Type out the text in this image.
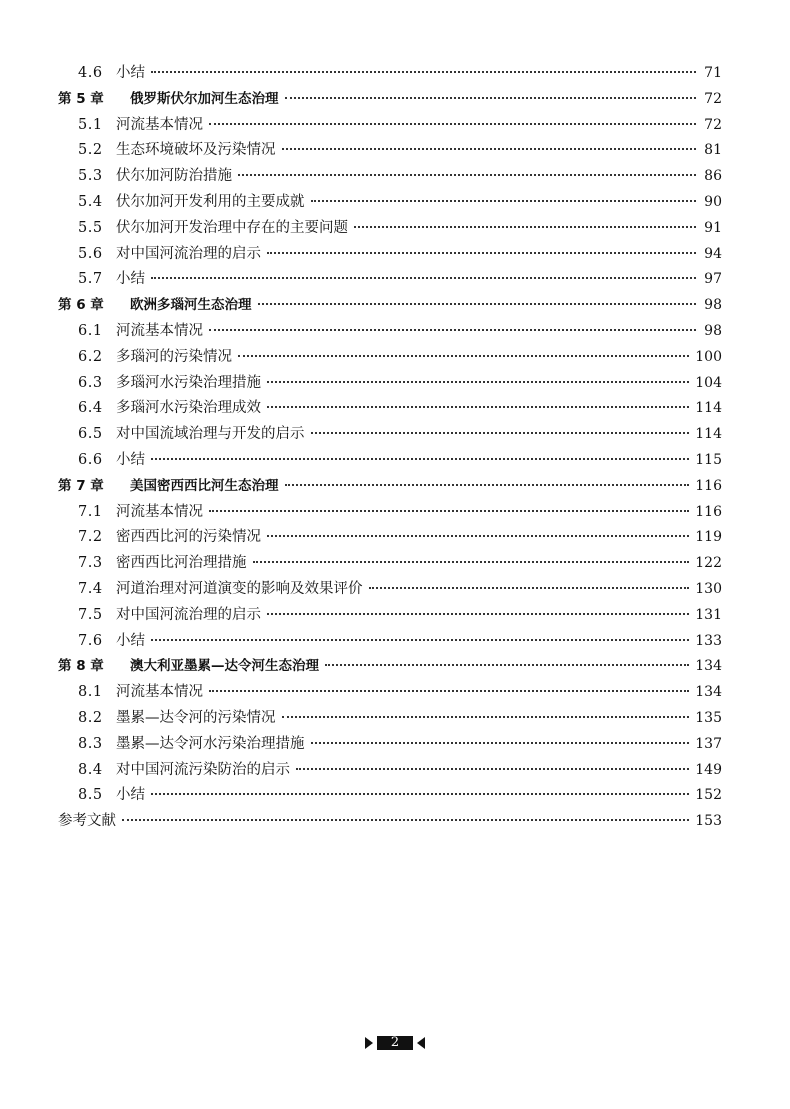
4.6 小结	71
第 5 章	俄罗斯伏尔加河生态治理	72
5.1 河流基本情况	72
5.2 生态环境破坏及污染情况	81
5.3 伏尔加河防治措施	86
5.4 伏尔加河开发利用的主要成就	90
5.5 伏尔加河开发治理中存在的主要问题	91
5.6 对中国河流治理的启示	94
5.7 小结	97
第 6 章	欧洲多瑙河生态治理	98
6.1 河流基本情况	98
6.2 多瑙河的污染情况	100
6.3 多瑙河水污染治理措施	104
6.4 多瑙河水污染治理成效	114
6.5 对中国流域治理与开发的启示	114
6.6 小结	115
第 7 章	美国密西西比河生态治理	116
7.1 河流基本情况	116
7.2 密西西比河的污染情况	119
7.3 密西西比河治理措施	122
7.4 河道治理对河道演变的影响及效果评价	130
7.5 对中国河流治理的启示	131
7.6 小结	133
第 8 章	澳大利亚墨累—达令河生态治理	134
8.1 河流基本情况	134
8.2 墨累—达令河的污染情况	135
8.3 墨累—达令河水污染治理措施	137
8.4 对中国河流污染防治的启示	149
8.5 小结	152
参考文献	153
2
